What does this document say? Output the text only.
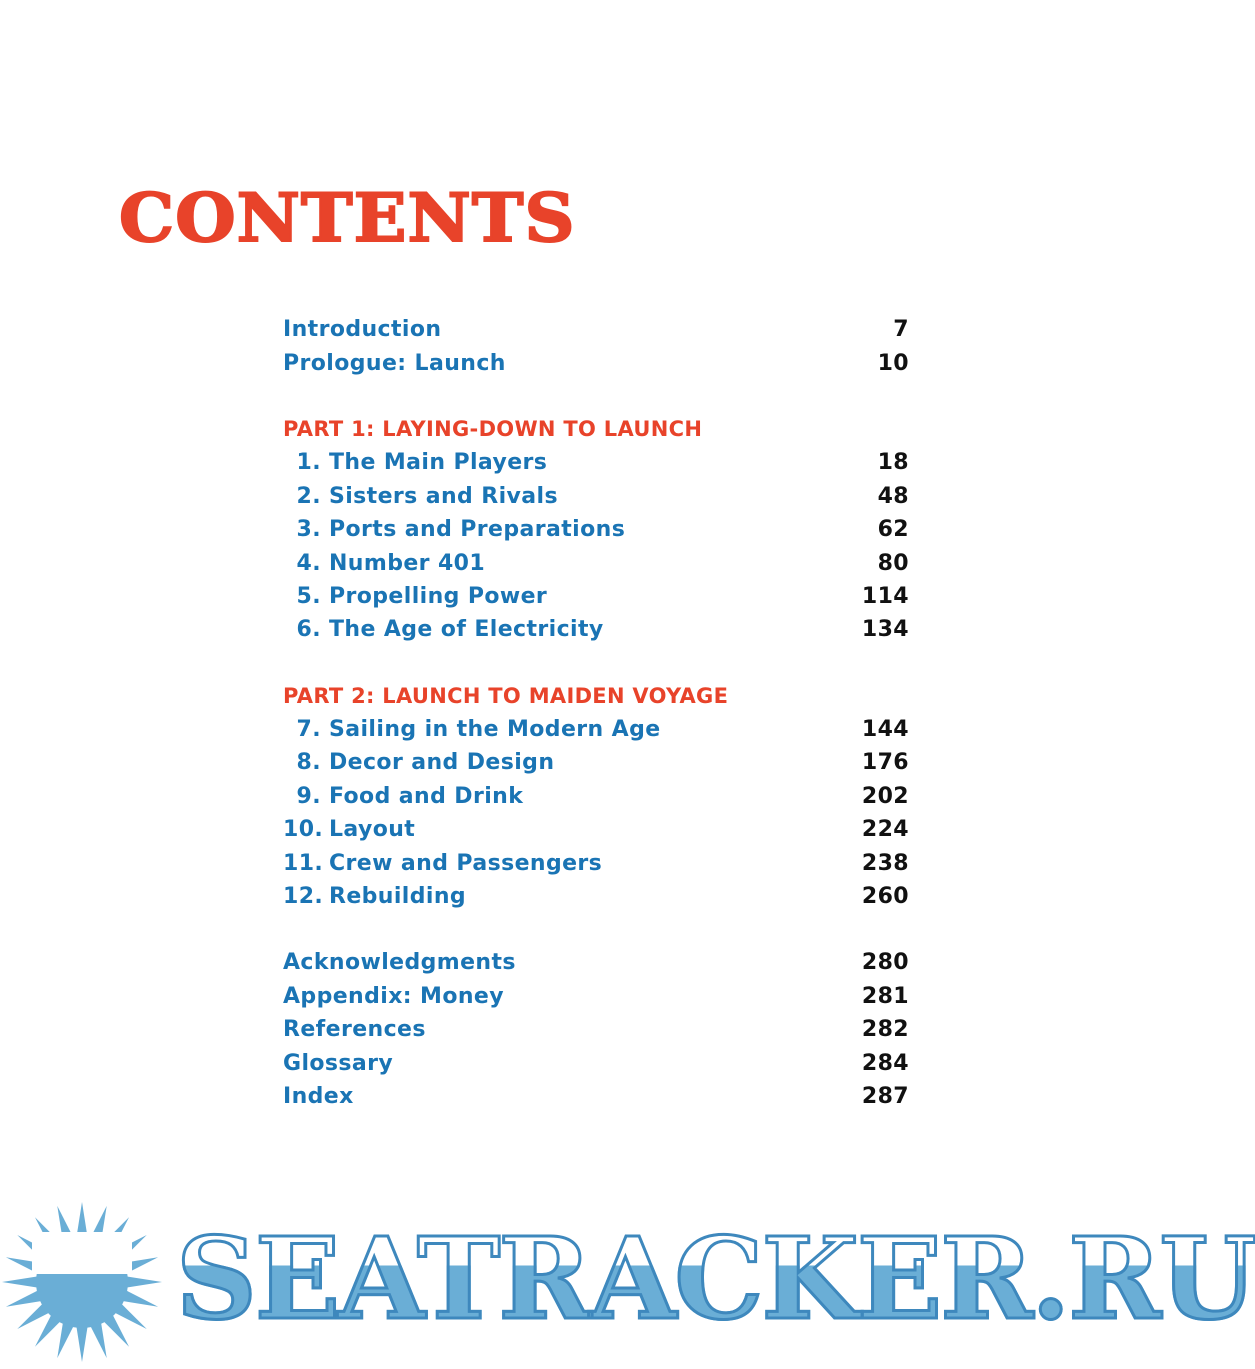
CONTENTS
Introduction	7
Prologue: Launch	10
PART 1: LAYING-DOWN TO LAUNCH
1. The Main Players	18
2. Sisters and Rivals	48
3. Ports and Preparations	62
4. Number 401	80
5. Propelling Power	114
6. The Age of Electricity	134
PART 2: LAUNCH TO MAIDEN VOYAGE
7. Sailing in the Modern Age	144
8. Decor and Design	176
9. Food and Drink	202
10. Layout	224
11. Crew and Passengers	238
12. Rebuilding	260
Acknowledgments	280
Appendix: Money	281
References	282
Glossary	284
Index	287
SEATRACKER.RU
